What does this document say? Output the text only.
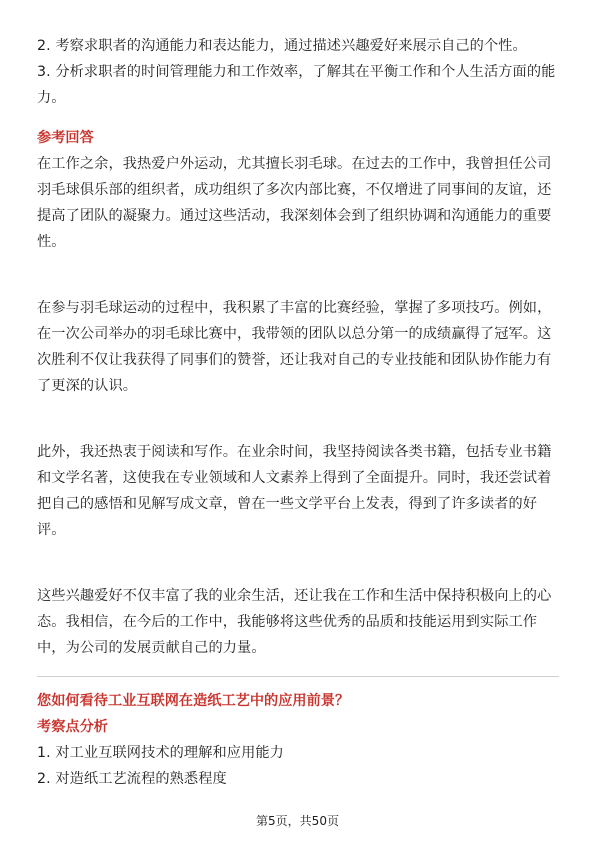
2. 考察求职者的沟通能力和表达能力，通过描述兴趣爱好来展示自己的个性。
3. 分析求职者的时间管理能力和工作效率，了解其在平衡工作和个人生活方面的能
力。
参考回答
在工作之余，我热爱户外运动，尤其擅长羽毛球。在过去的工作中，我曾担任公司
羽毛球俱乐部的组织者，成功组织了多次内部比赛，不仅增进了同事间的友谊，还
提高了团队的凝聚力。通过这些活动，我深刻体会到了组织协调和沟通能力的重要
性。
在参与羽毛球运动的过程中，我积累了丰富的比赛经验，掌握了多项技巧。例如，
在一次公司举办的羽毛球比赛中，我带领的团队以总分第一的成绩赢得了冠军。这
次胜利不仅让我获得了同事们的赞誉，还让我对自己的专业技能和团队协作能力有
了更深的认识。
此外，我还热衷于阅读和写作。在业余时间，我坚持阅读各类书籍，包括专业书籍
和文学名著，这使我在专业领域和人文素养上得到了全面提升。同时，我还尝试着
把自己的感悟和见解写成文章，曾在一些文学平台上发表，得到了许多读者的好
评。
这些兴趣爱好不仅丰富了我的业余生活，还让我在工作和生活中保持积极向上的心
态。我相信，在今后的工作中，我能够将这些优秀的品质和技能运用到实际工作
中，为公司的发展贡献自己的力量。
您如何看待工业互联网在造纸工艺中的应用前景？
考察点分析
1. 对工业互联网技术的理解和应用能力
2. 对造纸工艺流程的熟悉程度
第5页，共50页
